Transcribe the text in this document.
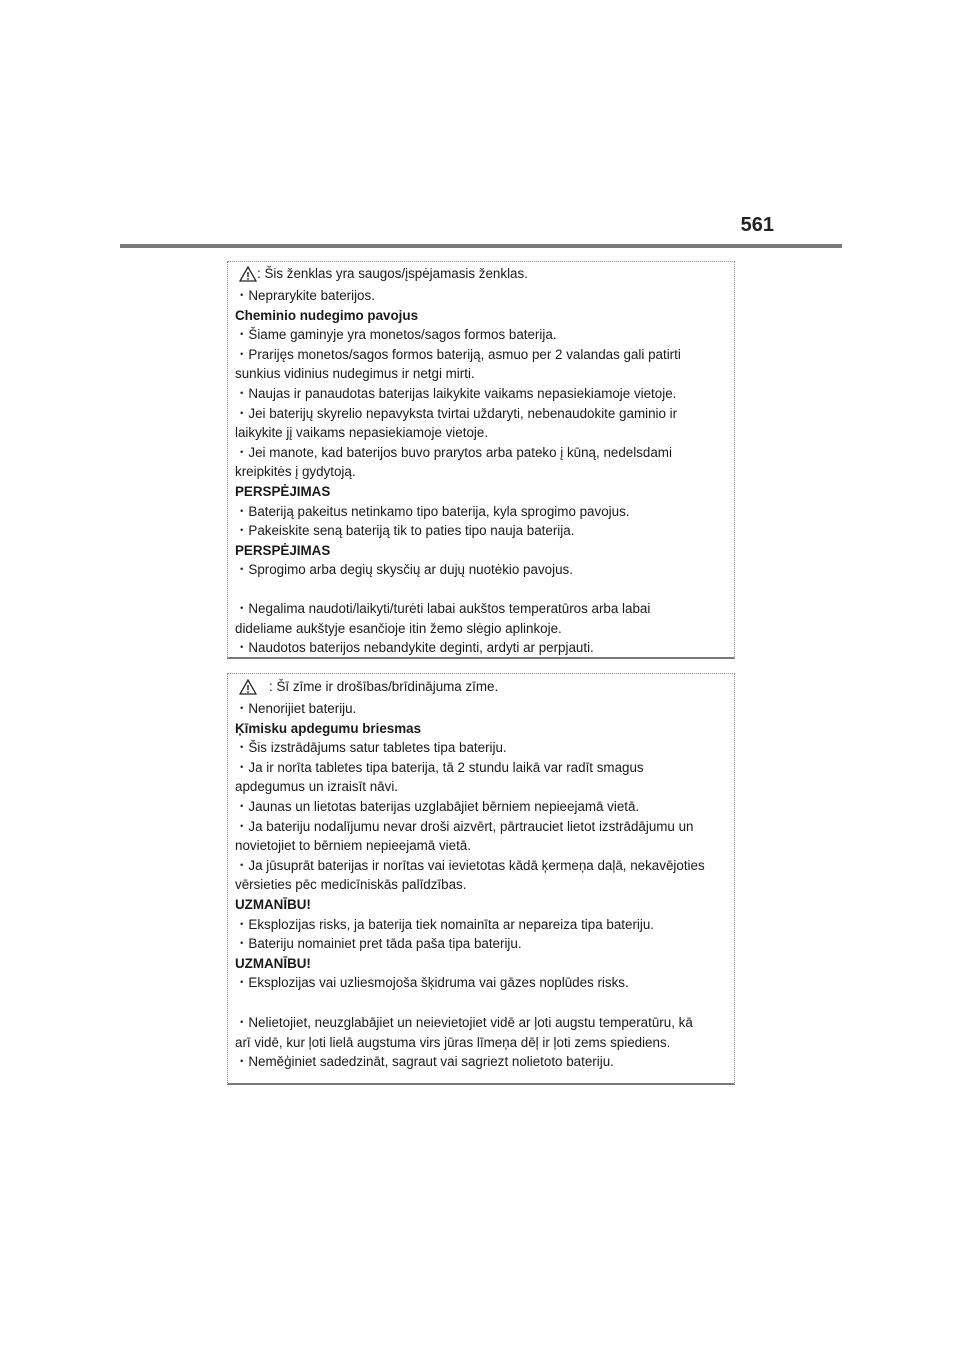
561
: Šis ženklas yra saugos/įspėjamasis ženklas.
・Neprarykite baterijos.
Cheminio nudegimo pavojus
・Šiame gaminyje yra monetos/sagos formos baterija.
・Prarijęs monetos/sagos formos bateriją, asmuo per 2 valandas gali patirti
sunkius vidinius nudegimus ir netgi mirti.
・Naujas ir panaudotas baterijas laikykite vaikams nepasiekiamoje vietoje.
・Jei baterijų skyrelio nepavyksta tvirtai uždaryti, nebenaudokite gaminio ir
laikykite jį vaikams nepasiekiamoje vietoje.
・Jei manote, kad baterijos buvo prarytos arba pateko į kūną, nedelsdami
kreipkitės į gydytoją.
PERSPĖJIMAS
・Bateriją pakeitus netinkamo tipo baterija, kyla sprogimo pavojus.
・Pakeiskite seną bateriją tik to paties tipo nauja baterija.
PERSPĖJIMAS
・Sprogimo arba degių skysčių ar dujų nuotėkio pavojus.
・Negalima naudoti/laikyti/turėti labai aukštos temperatūros arba labai
dideliame aukštyje esančioje itin žemo slėgio aplinkoje.
・Naudotos baterijos nebandykite deginti, ardyti ar perpjauti.
: Šī zīme ir drošības/brīdinājuma zīme.
・Nenorijiet bateriju.
Ķīmisku apdegumu briesmas
・Šis izstrādājums satur tabletes tipa bateriju.
・Ja ir norīta tabletes tipa baterija, tā 2 stundu laikā var radīt smagus
apdegumus un izraisīt nāvi.
・Jaunas un lietotas baterijas uzglabājiet bērniem nepieejamā vietā.
・Ja bateriju nodalījumu nevar droši aizvērt, pārtrauciet lietot izstrādājumu un
novietojiet to bērniem nepieejamā vietā.
・Ja jūsuprāt baterijas ir norītas vai ievietotas kādā ķermeņa daļā, nekavējoties
vērsieties pēc medicīniskās palīdzības.
UZMANĪBU!
・Eksplozijas risks, ja baterija tiek nomainīta ar nepareiza tipa bateriju.
・Bateriju nomainiet pret tāda paša tipa bateriju.
UZMANĪBU!
・Eksplozijas vai uzliesmojoša šķidruma vai gāzes noplūdes risks.
・Nelietojiet, neuzglabājiet un neievietojiet vidē ar ļoti augstu temperatūru, kā
arī vidē, kur ļoti lielā augstuma virs jūras līmeņa dēļ ir ļoti zems spiediens.
・Neměģiniet sadedzināt, sagraut vai sagriezt nolietoto bateriju.
